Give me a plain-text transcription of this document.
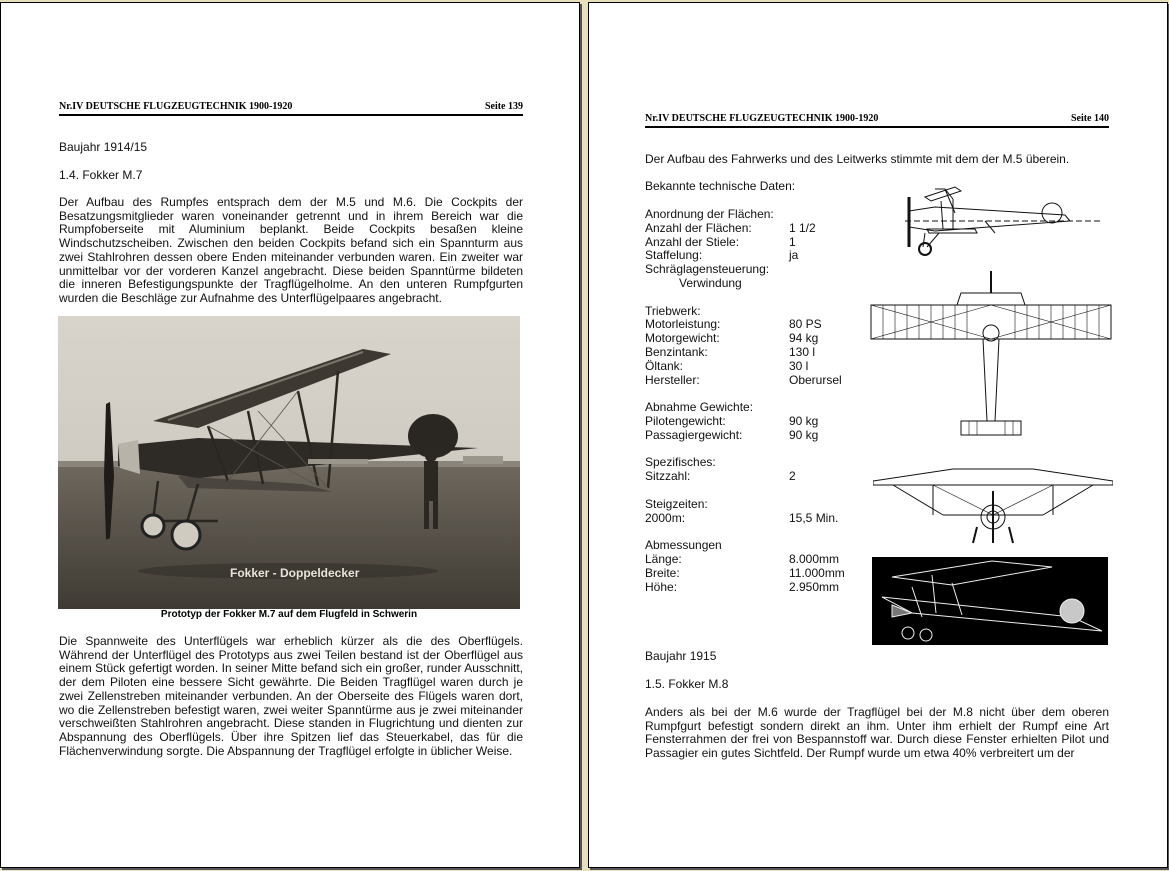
Nr.IV DEUTSCHE FLUGZEUGTECHNIK 1900-1920	Seite 139
Baujahr 1914/15
1.4. Fokker M.7
Der Aufbau des Rumpfes entsprach dem der M.5 und M.6. Die Cockpits der Besatzungsmitglieder waren voneinander getrennt und in ihrem Bereich war die Rumpfoberseite mit Aluminium beplankt. Beide Cockpits besaßen kleine Windschutzscheiben. Zwischen den beiden Cockpits befand sich ein Spannturm aus zwei Stahlrohren dessen obere Enden miteinander verbunden waren. Ein zweiter war unmittelbar vor der vorderen Kanzel angebracht. Diese beiden Spanntürme bildeten die inneren Befestigungspunkte der Tragflügelholme. An den unteren Rumpfgurten wurden die Beschläge zur Aufnahme des Unterflügelpaares angebracht.
Fokker - Doppeldecker
Prototyp der Fokker M.7 auf dem Flugfeld in Schwerin
Die Spannweite des Unterflügels war erheblich kürzer als die des Oberflügels. Während der Unterflügel des Prototyps aus zwei Teilen bestand ist der Oberflügel aus einem Stück gefertigt worden. In seiner Mitte befand sich ein großer, runder Ausschnitt, der dem Piloten eine bessere Sicht gewährte. Die Beiden Tragflügel waren durch je zwei Zellenstreben miteinander verbunden. An der Oberseite des Flügels waren dort, wo die Zellenstreben befestigt waren, zwei weiter Spanntürme aus je zwei miteinander verschweißten Stahlrohren angebracht. Diese standen in Flugrichtung und dienten zur Abspannung des Oberflügels. Über ihre Spitzen lief das Steuerkabel, das für die Flächenverwindung sorgte. Die Abspannung der Tragflügel erfolgte in üblicher Weise.
Nr.IV DEUTSCHE FLUGZEUGTECHNIK 1900-1920	Seite 140
Der Aufbau des Fahrwerks und des Leitwerks stimmte mit dem der M.5 überein.
Bekannte technische Daten:
Anordnung der Flächen:
Anzahl der Flächen:	1 1/2
Anzahl der Stiele:	1
Staffelung:	ja
Schräglagensteuerung:
Verwindung
Triebwerk:
Motorleistung:	80 PS
Motorgewicht:	94 kg
Benzintank:	130 l
Öltank:	30 l
Hersteller:	Oberursel
Abnahme Gewichte:
Pilotengewicht:	90 kg
Passagiergewicht:	90 kg
Spezifisches:
Sitzzahl:	2
Steigzeiten:
2000m:	15,5 Min.
Abmessungen
Länge:	8.000mm
Breite:	11.000mm
Höhe:	2.950mm
Baujahr 1915
1.5. Fokker M.8
Anders als bei der M.6 wurde der Tragflügel bei der M.8 nicht über dem oberen Rumpfgurt befestigt sondern direkt an ihm. Unter ihm erhielt der Rumpf eine Art Fensterrahmen der frei von Bespannstoff war. Durch diese Fenster erhielten Pilot und Passagier ein gutes Sichtfeld. Der Rumpf wurde um etwa 40% verbreitert um der
